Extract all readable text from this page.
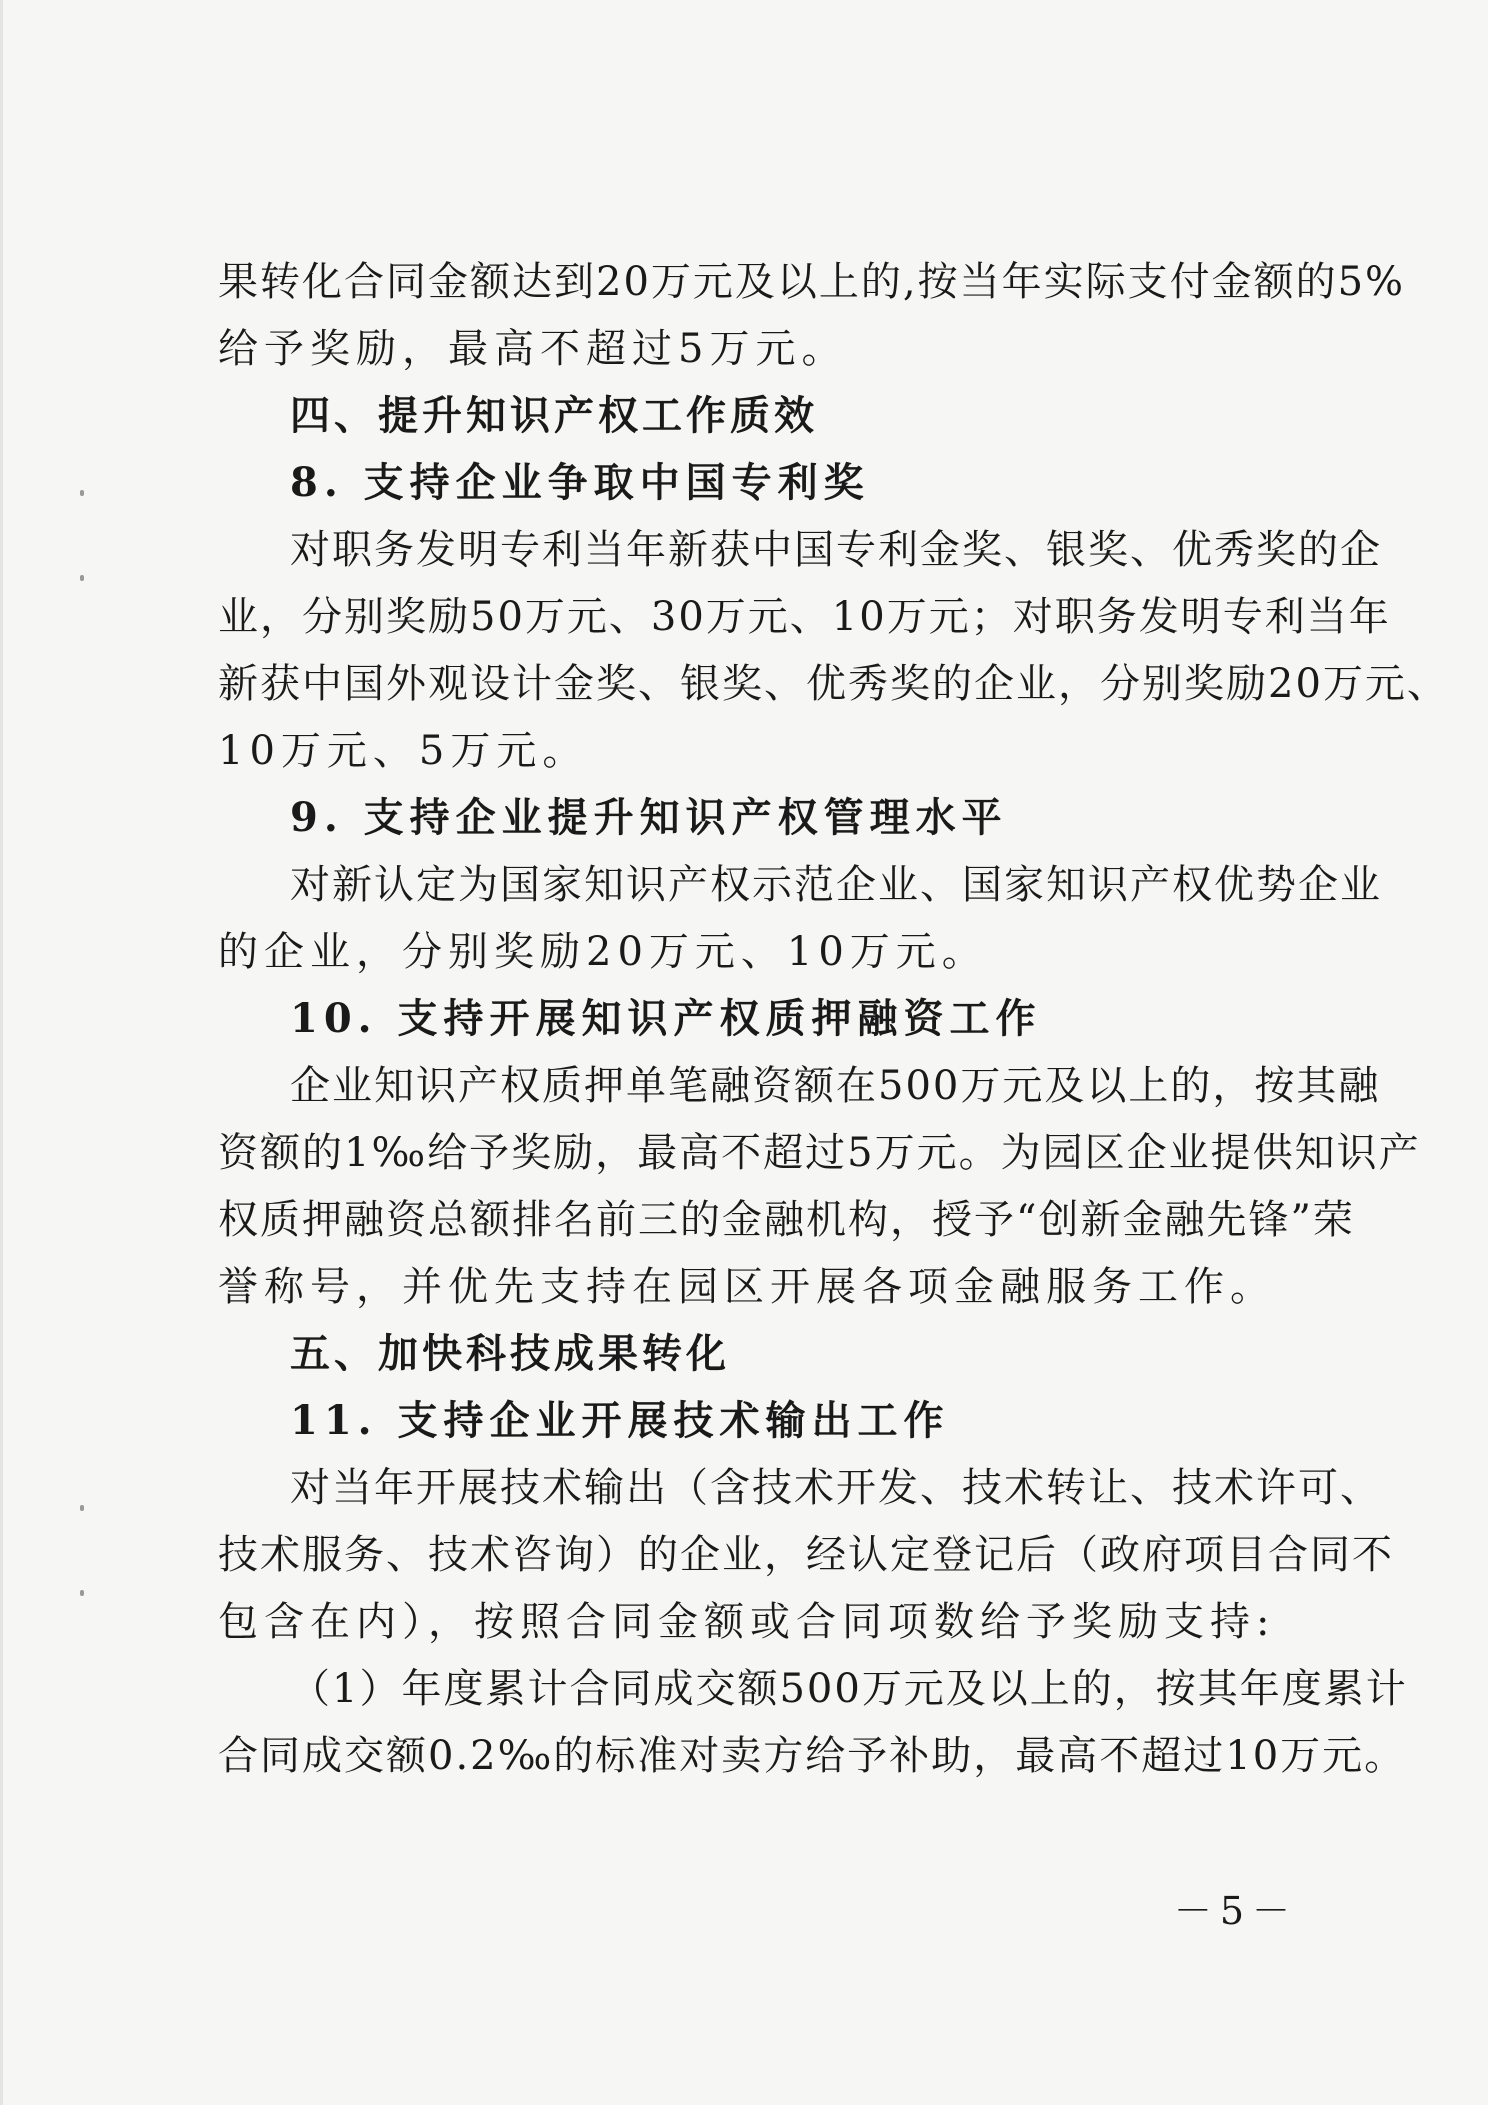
果转化合同金额达到20万元及以上的,按当年实际支付金额的5%
给予奖励，最高不超过5万元。
四、提升知识产权工作质效
8. 支持企业争取中国专利奖
对职务发明专利当年新获中国专利金奖、银奖、优秀奖的企
业，分别奖励50万元、30万元、10万元；对职务发明专利当年
新获中国外观设计金奖、银奖、优秀奖的企业，分别奖励20万元、
10万元、5万元。
9. 支持企业提升知识产权管理水平
对新认定为国家知识产权示范企业、国家知识产权优势企业
的企业，分别奖励20万元、10万元。
10. 支持开展知识产权质押融资工作
企业知识产权质押单笔融资额在500万元及以上的，按其融
资额的1‰给予奖励，最高不超过5万元。为园区企业提供知识产
权质押融资总额排名前三的金融机构，授予“创新金融先锋”荣
誉称号，并优先支持在园区开展各项金融服务工作。
五、加快科技成果转化
11. 支持企业开展技术输出工作
对当年开展技术输出（含技术开发、技术转让、技术许可、
技术服务、技术咨询）的企业，经认定登记后（政府项目合同不
包含在内），按照合同金额或合同项数给予奖励支持:
（1）年度累计合同成交额500万元及以上的，按其年度累计
合同成交额0.2‰的标准对卖方给予补助，最高不超过10万元。
－5－
